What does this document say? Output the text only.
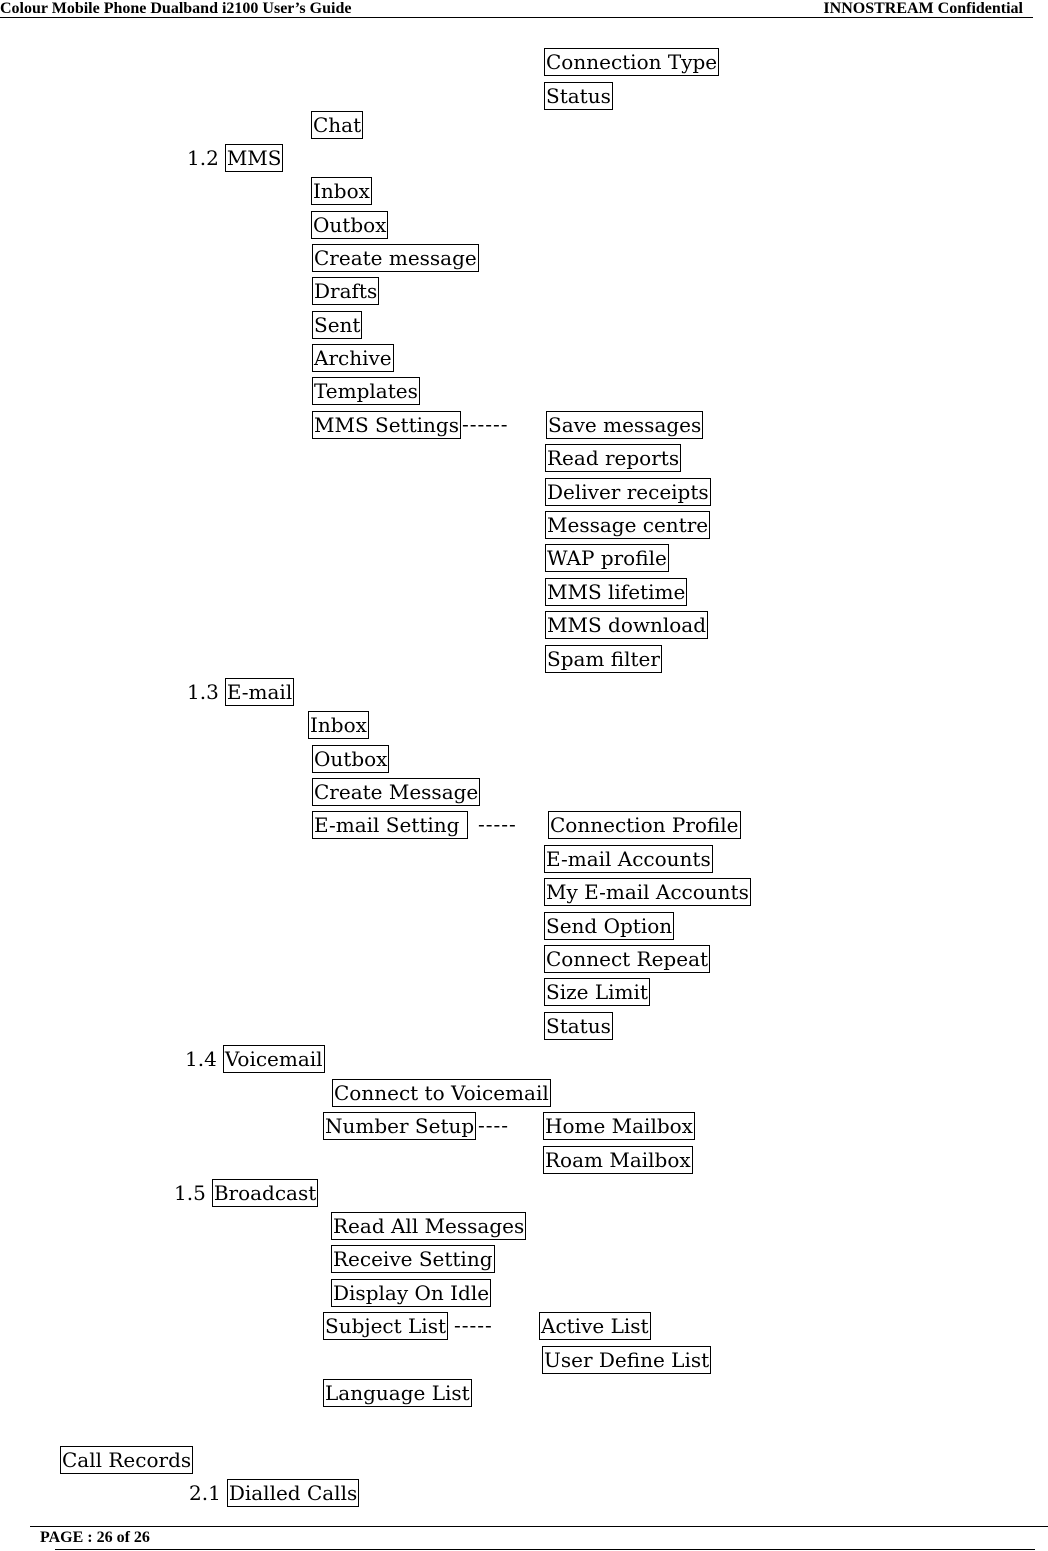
Colour Mobile Phone Dualband i2100 User’s Guide	INNOSTREAM Confidential
Connection Type
Status
Chat
1.2 MMS
Inbox
Outbox
Create message
Drafts
Sent
Archive
Templates
MMS Settings ------ Save messages
Read reports
Deliver receipts
Message centre
WAP profile
MMS lifetime
MMS download
Spam filter
1.3 E-mail
Inbox
Outbox
Create Message
E-mail Setting ----- Connection Profile
E-mail Accounts
My E-mail Accounts
Send Option
Connect Repeat
Size Limit
Status
1.4 Voicemail
Connect to Voicemail
Number Setup ---- Home Mailbox
Roam Mailbox
1.5 Broadcast
Read All Messages
Receive Setting
Display On Idle
Subject List ----- Active List
User Define List
Language List
Call Records
2.1 Dialled Calls
PAGE : 26 of 26
